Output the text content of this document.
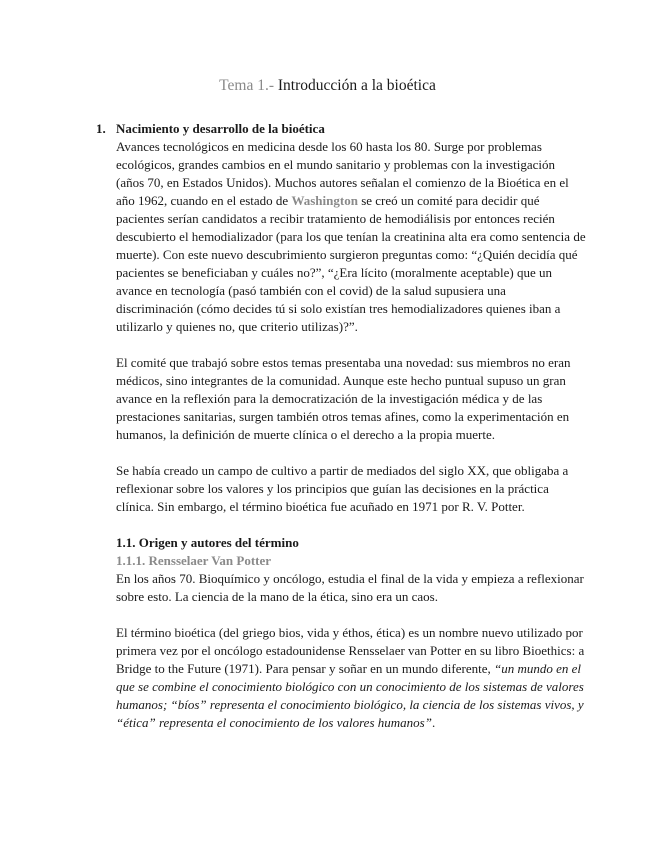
Tema 1.- Introducción a la bioética
1. Nacimiento y desarrollo de la bioética

Avances tecnológicos en medicina desde los 60 hasta los 80. Surge por problemas ecológicos, grandes cambios en el mundo sanitario y problemas con la investigación (años 70, en Estados Unidos). Muchos autores señalan el comienzo de la Bioética en el año 1962, cuando en el estado de Washington se creó un comité para decidir qué pacientes serían candidatos a recibir tratamiento de hemodiálisis por entonces recién descubierto el hemodializador (para los que tenían la creatinina alta era como sentencia de muerte). Con este nuevo descubrimiento surgieron preguntas como: “¿Quién decidía qué pacientes se beneficiaban y cuáles no?”, “¿Era lícito (moralmente aceptable) que un avance en tecnología (pasó también con el covid) de la salud supusiera una discriminación (cómo decides tú si solo existían tres hemodializadores quienes iban a utilizarlo y quienes no, que criterio utilizas)?”.

El comité que trabajó sobre estos temas presentaba una novedad: sus miembros no eran médicos, sino integrantes de la comunidad. Aunque este hecho puntual supuso un gran avance en la reflexión para la democratización de la investigación médica y de las prestaciones sanitarias, surgen también otros temas afines, como la experimentación en humanos, la definición de muerte clínica o el derecho a la propia muerte.

Se había creado un campo de cultivo a partir de mediados del siglo XX, que obligaba a reflexionar sobre los valores y los principios que guían las decisiones en la práctica clínica. Sin embargo, el término bioética fue acuñado en 1971 por R. V. Potter.

1.1. Origen y autores del término
1.1.1. Rensselaer Van Potter

En los años 70. Bioquímico y oncólogo, estudia el final de la vida y empieza a reflexionar sobre esto. La ciencia de la mano de la ética, sino era un caos.

El término bioética (del griego bios, vida y éthos, ética) es un nombre nuevo utilizado por primera vez por el oncólogo estadounidense Rensselaer van Potter en su libro Bioethics: a Bridge to the Future (1971). Para pensar y soñar en un mundo diferente, “un mundo en el que se combine el conocimiento biológico con un conocimiento de los sistemas de valores humanos; “bíos” representa el conocimiento biológico, la ciencia de los sistemas vivos, y “ética” representa el conocimiento de los valores humanos”.
